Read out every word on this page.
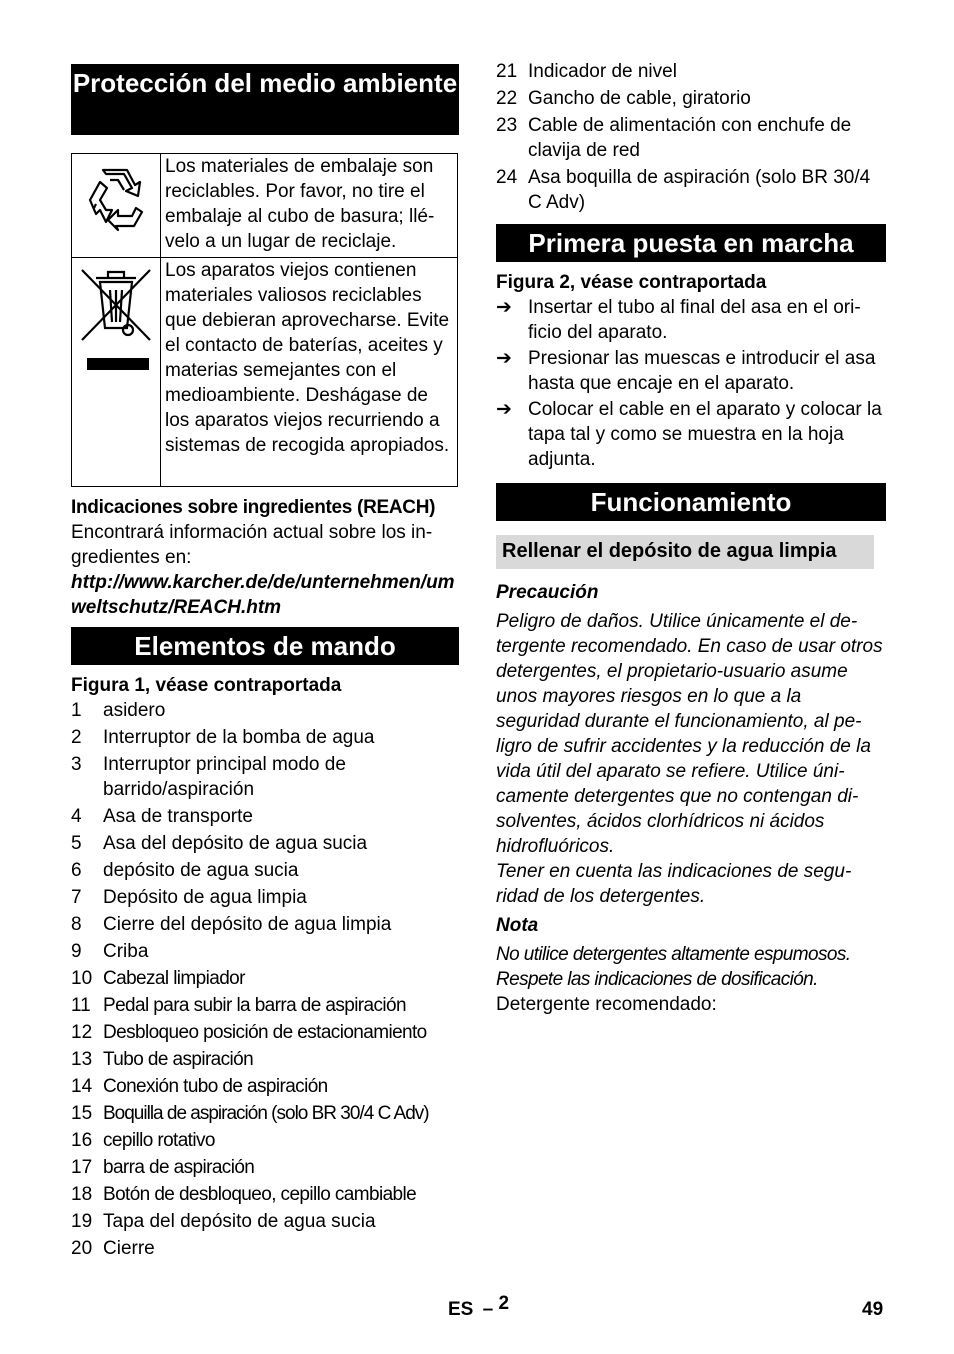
Protección del medio ambiente
	Los materiales de embalaje son reciclables. Por favor, no tire el embalaje al cubo de basura; llévelo a un lugar de reciclaje.
	Los aparatos viejos contienen materiales valiosos reciclables que debieran aprovecharse. Evite el contacto de baterías, aceites y materias semejantes con el medioambiente. Deshágase de los aparatos viejos recurriendo a sistemas de recogida apropiados.

Indicaciones sobre ingredientes (REACH)

Encontrará información actual sobre los ingredientes en:

http://www.karcher.de/de/unternehmen/umweltschutz/REACH.htm

Elementos de mando

Figura 1, véase contraportada

1	asidero
2	Interruptor de la bomba de agua
3	Interruptor principal modo de barrido/aspiración
4	Asa de transporte
5	Asa del depósito de agua sucia
6	depósito de agua sucia
7	Depósito de agua limpia
8	Cierre del depósito de agua limpia
9	Criba
10 Cabezal limpiador
11 Pedal para subir la barra de aspiración
12 Desbloqueo posición de estacionamiento
13 Tubo de aspiración
14 Conexión tubo de aspiración
15 Boquilla de aspiración (solo BR 30/4 C Adv)
16 cepillo rotativo
17 barra de aspiración
18 Botón de desbloqueo, cepillo cambiable
19 Tapa del depósito de agua sucia
20 Cierre
21 Indicador de nivel
22 Gancho de cable, giratorio
23 Cable de alimentación con enchufe de clavija de red
24 Asa boquilla de aspiración (solo BR 30/4 C Adv)
Primera puesta en marcha

Figura 2, véase contraportada

➔ Insertar el tubo al final del asa en el orificio del aparato.
➔ Presionar las muescas e introducir el asa hasta que encaje en el aparato.
➔ Colocar el cable en el aparato y colocar la tapa tal y como se muestra en la hoja adjunta.
Funcionamiento
Rellenar el depósito de agua limpia

Precaución

Peligro de daños. Utilice únicamente el detergente recomendado. En caso de usar otros detergentes, el propietario-usuario asume unos mayores riesgos en lo que a la seguridad durante el funcionamiento, al peligro de sufrir accidentes y la reducción de la vida útil del aparato se refiere. Utilice únicamente detergentes que no contengan disolventes, ácidos clorhídricos ni ácidos hidrofluóricos.

Tener en cuenta las indicaciones de seguridad de los detergentes.

Nota

No utilice detergentes altamente espumosos. Respete las indicaciones de dosificación.

Detergente recomendado:

ES – 2	49
